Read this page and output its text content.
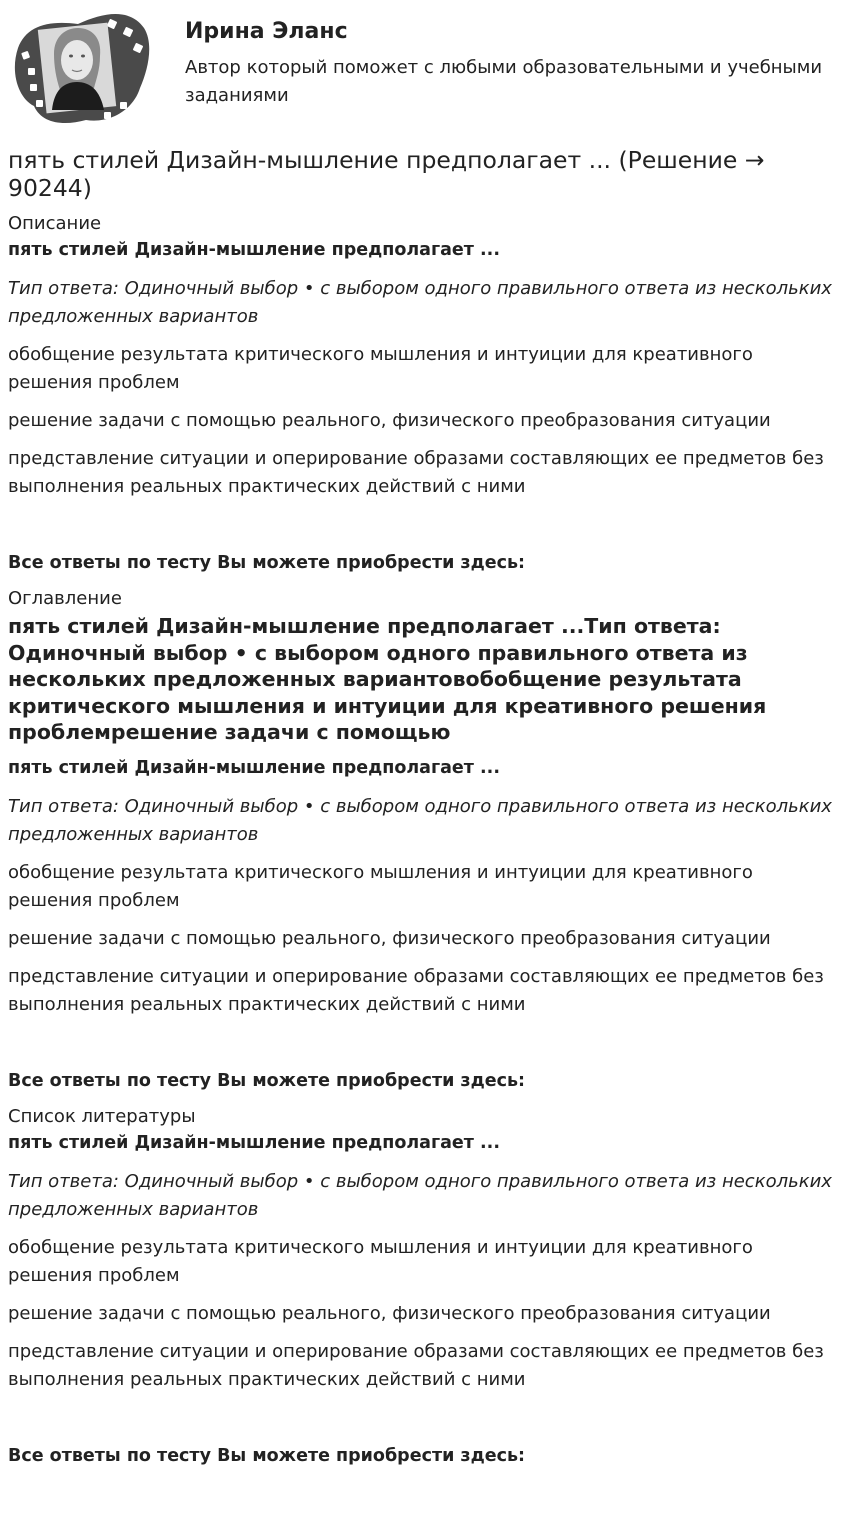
Ирина Эланс
Автор который поможет с любыми образовательными и учебными заданиями
пять стилей Дизайн-мышление предполагает ... (Решение → 90244)

Описание

пять стилей Дизайн-мышление предполагает ...

Тип ответа: Одиночный выбор • с выбором одного правильного ответа из нескольких предложенных вариантов

обобщение результата критического мышления и интуиции для креативного решения проблем

решение задачи с помощью реального, физического преобразования ситуации

представление ситуации и оперирование образами составляющих ее предметов без выполнения реальных практических действий с ними

Все ответы по тесту Вы можете приобрести здесь:

Оглавление

пять стилей Дизайн-мышление предполагает ...Тип ответа: Одиночный выбор • с выбором одного правильного ответа из нескольких предложенных вариантовобобщение результата критического мышления и интуиции для креативного решения проблемрешение задачи с помощью

пять стилей Дизайн-мышление предполагает ...

Тип ответа: Одиночный выбор • с выбором одного правильного ответа из нескольких предложенных вариантов

обобщение результата критического мышления и интуиции для креативного решения проблем

решение задачи с помощью реального, физического преобразования ситуации

представление ситуации и оперирование образами составляющих ее предметов без выполнения реальных практических действий с ними

Все ответы по тесту Вы можете приобрести здесь:

Список литературы

пять стилей Дизайн-мышление предполагает ...

Тип ответа: Одиночный выбор • с выбором одного правильного ответа из нескольких предложенных вариантов

обобщение результата критического мышления и интуиции для креативного решения проблем

решение задачи с помощью реального, физического преобразования ситуации

представление ситуации и оперирование образами составляющих ее предметов без выполнения реальных практических действий с ними

Все ответы по тесту Вы можете приобрести здесь:
